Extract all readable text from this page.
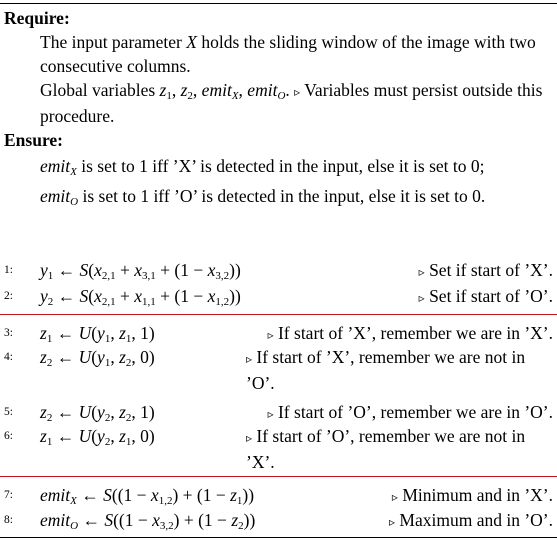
Require:
The input parameter X holds the sliding window of the image with two consecutive columns.
Global variables $z_1$, $z_2$, emit$_X$, emit$_O$. ▹ Variables must persist outside this procedure.
Ensure:
emit$_X$ is set to 1 iff ’X’ is detected in the input, else it is set to 0;
emit$_O$ is set to 1 iff ’O’ is detected in the input, else it is set to 0.
1: $y_1$ ← $S(x_{2,1} + x_{3,1} + (1 - x_{3,2}))$	▹ Set if start of ’X’.
2: $y_2$ ← $S(x_{2,1} + x_{1,1} + (1 - x_{1,2}))$	▹ Set if start of ’O’.
3: $z_1$ ← $U(y_1$, $z_1$, 1)	▹ If start of ’X’, remember we are in ’X’.
4: $z_2$ ← $U(y_1$, $z_2$, 0)	▹ If start of ’X’, remember we are not in ’O’.
5: $z_2$ ← $U(y_2$, $z_2$, 1)	▹ If start of ’O’, remember we are in ’O’.
6: $z_1$ ← $U(y_2$, $z_1$, 0)	▹ If start of ’O’, remember we are not in ’X’.
7: emit$_X$ ← $S((1 - x_{1,2}) + (1 - z_1))$	▹ Minimum and in ’X’.
8: emit$_O$ ← $S((1 - x_{3,2}) + (1 - z_2))$	▹ Maximum and in ’O’.
